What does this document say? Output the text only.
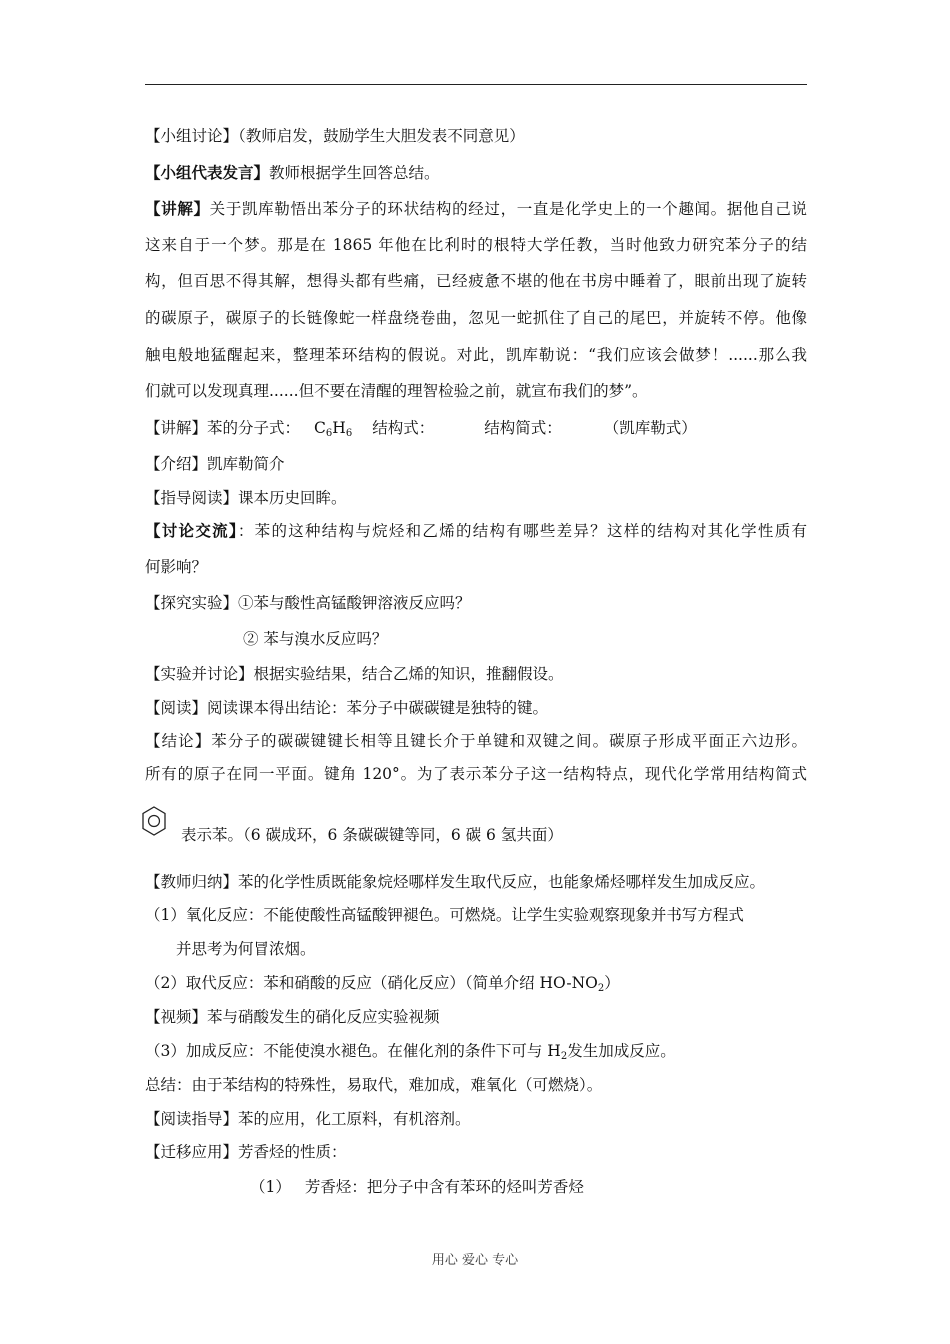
【小组讨论】（教师启发，鼓励学生大胆发表不同意见）
【小组代表发言】教师根据学生回答总结。
【讲解】关于凯库勒悟出苯分子的环状结构的经过，一直是化学史上的一个趣闻。据他自己说
这来自于一个梦。那是在 1865 年他在比利时的根特大学任教，当时他致力研究苯分子的结
构，但百思不得其解，想得头都有些痛，已经疲惫不堪的他在书房中睡着了，眼前出现了旋转
的碳原子，碳原子的长链像蛇一样盘绕卷曲，忽见一蛇抓住了自己的尾巴，并旋转不停。他像
触电般地猛醒起来，整理苯环结构的假说。对此，凯库勒说：“我们应该会做梦！......那么我
们就可以发现真理......但不要在清醒的理智检验之前，就宣布我们的梦”。
【讲解】苯的分子式： $C_6H_6$ 结构式：	结构简式：	（凯库勒式）
【介绍】凯库勒简介
【指导阅读】课本历史回眸。
【讨论交流】：苯的这种结构与烷烃和乙烯的结构有哪些差异？这样的结构对其化学性质有
何影响？
【探究实验】①苯与酸性高锰酸钾溶液反应吗？
② 苯与溴水反应吗？
【实验并讨论】根据实验结果，结合乙烯的知识，推翻假设。
【阅读】阅读课本得出结论：苯分子中碳碳键是独特的键。
【结论】苯分子的碳碳键键长相等且键长介于单键和双键之间。碳原子形成平面正六边形。
所有的原子在同一平面。键角 120°。为了表示苯分子这一结构特点，现代化学常用结构简式
表示苯。（6 碳成环，6 条碳碳键等同，6 碳 6 氢共面）
【教师归纳】苯的化学性质既能象烷烃哪样发生取代反应，也能象烯烃哪样发生加成反应。
（1）氧化反应：不能使酸性高锰酸钾褪色。可燃烧。让学生实验观察现象并书写方程式
并思考为何冒浓烟。
（2）取代反应：苯和硝酸的反应（硝化反应）（简单介绍 $HO-NO_2$）
【视频】苯与硝酸发生的硝化反应实验视频
（3）加成反应：不能使溴水褪色。在催化剂的条件下可与 $H_2$发生加成反应。
总结：由于苯结构的特殊性，易取代，难加成，难氧化（可燃烧）。
【阅读指导】苯的应用，化工原料，有机溶剂。
【迁移应用】芳香烃的性质：
（1） 芳香烃：把分子中含有苯环的烃叫芳香烃
用心 爱心 专心
